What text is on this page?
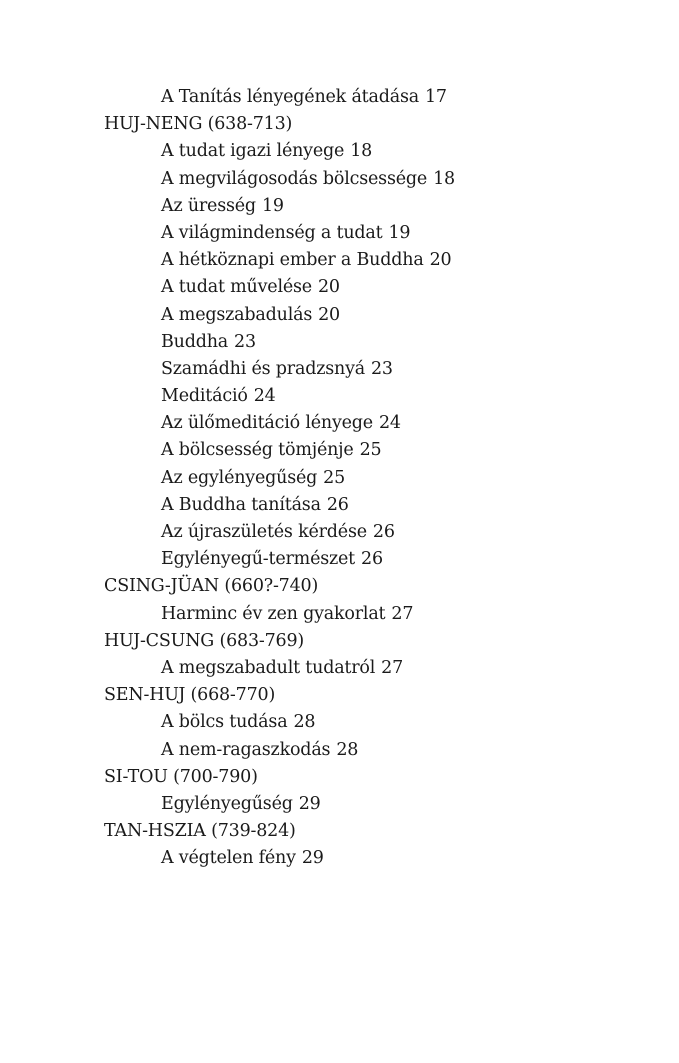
A Tanítás lényegének átadása 17
HUJ-NENG (638-713)
A tudat igazi lényege 18
A megvilágosodás bölcsessége 18
Az üresség 19
A világmindenség a tudat 19
A hétköznapi ember a Buddha 20
A tudat művelése 20
A megszabadulás 20
Buddha 23
Szamádhi és pradzsnyá 23
Meditáció 24
Az ülőmeditáció lényege 24
A bölcsesség tömjénje 25
Az egylényegűség 25
A Buddha tanítása 26
Az újraszületés kérdése 26
Egylényegű-természet 26
CSING-JÜAN (660?-740)
Harminc év zen gyakorlat 27
HUJ-CSUNG (683-769)
A megszabadult tudatról 27
SEN-HUJ (668-770)
A bölcs tudása 28
A nem-ragaszkodás 28
SI-TOU (700-790)
Egylényegűség 29
TAN-HSZIA (739-824)
A végtelen fény 29
